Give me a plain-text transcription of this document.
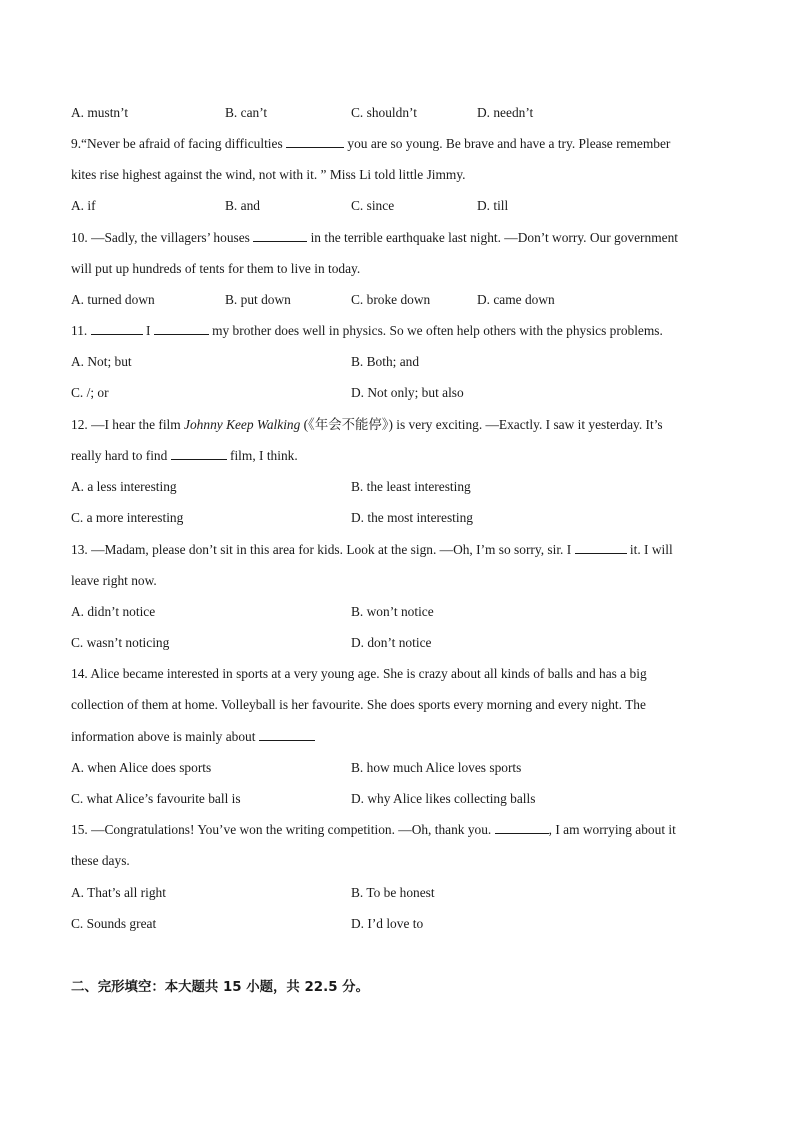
A. mustn’t	B. can’t	C. shouldn’t	D. needn’t
9.“Never be afraid of facing difficulties	you are so young. Be brave and have a try. Please remember
kites rise highest against the wind, not with it. ” Miss Li told little Jimmy.
A. if	B. and	C. since	D. till
10. —Sadly, the villagers’ houses	in the terrible earthquake last night. —Don’t worry. Our government
will put up hundreds of tents for them to live in today.
A. turned down	B. put down	C. broke down	D. came down
11.	I	my brother does well in physics. So we often help others with the physics problems.
A. Not; but	B. Both; and
C. /; or	D. Not only; but also
12. —I hear the film Johnny Keep Walking (《年会不能停》) is very exciting. —Exactly. I saw it yesterday. It’s
really hard to find	film, I think.
A. a less interesting	B. the least interesting
C. a more interesting	D. the most interesting
13. —Madam, please don’t sit in this area for kids. Look at the sign. —Oh, I’m so sorry, sir. I	it. I will
leave right now.
A. didn’t notice	B. won’t notice
C. wasn’t noticing	D. don’t notice
14. Alice became interested in sports at a very young age. She is crazy about all kinds of balls and has a big
collection of them at home. Volleyball is her favourite. She does sports every morning and every night. The
information above is mainly about
A. when Alice does sports	B. how much Alice loves sports
C. what Alice’s favourite ball is	D. why Alice likes collecting balls
15. —Congratulations! You’ve won the writing competition. —Oh, thank you.	, I am worrying about it
these days.
A. That’s all right	B. To be honest
C. Sounds great	D. I’d love to
二、完形填空：本大题共 15 小题，共 22.5 分。
